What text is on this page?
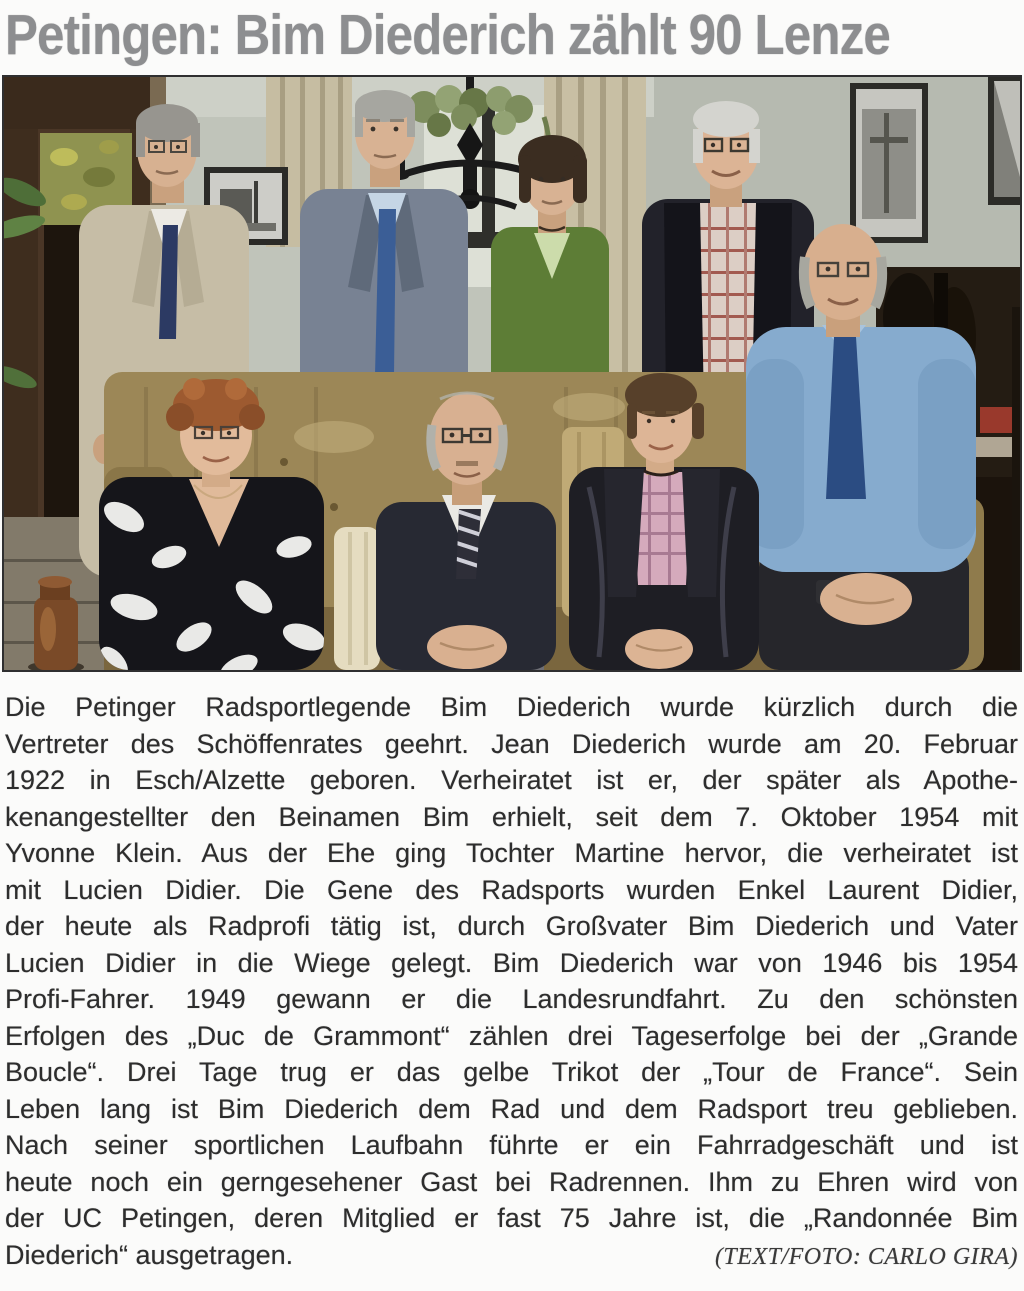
Petingen: Bim Diederich zählt 90 Lenze
Die Petinger Radsportlegende Bim Diederich wurde kürzlich durch die
Vertreter des Schöffenrates geehrt. Jean Diederich wurde am 20. Februar
1922 in Esch/Alzette geboren. Verheiratet ist er, der später als Apothe-
kenangestellter den Beinamen Bim erhielt, seit dem 7. Oktober 1954 mit
Yvonne Klein. Aus der Ehe ging Tochter Martine hervor, die verheiratet ist
mit Lucien Didier. Die Gene des Radsports wurden Enkel Laurent Didier,
der heute als Radprofi tätig ist, durch Großvater Bim Diederich und Vater
Lucien Didier in die Wiege gelegt. Bim Diederich war von 1946 bis 1954
Profi-Fahrer. 1949 gewann er die Landesrundfahrt. Zu den schönsten
Erfolgen des „Duc de Grammont“ zählen drei Tageserfolge bei der „Grande
Boucle“. Drei Tage trug er das gelbe Trikot der „Tour de France“. Sein
Leben lang ist Bim Diederich dem Rad und dem Radsport treu geblieben.
Nach seiner sportlichen Laufbahn führte er ein Fahrradgeschäft und ist
heute noch ein gerngesehener Gast bei Radrennen. Ihm zu Ehren wird von
der UC Petingen, deren Mitglied er fast 75 Jahre ist, die „Randonnée Bim
Diederich“ ausgetragen.	(TEXT/FOTO: CARLO GIRA)
